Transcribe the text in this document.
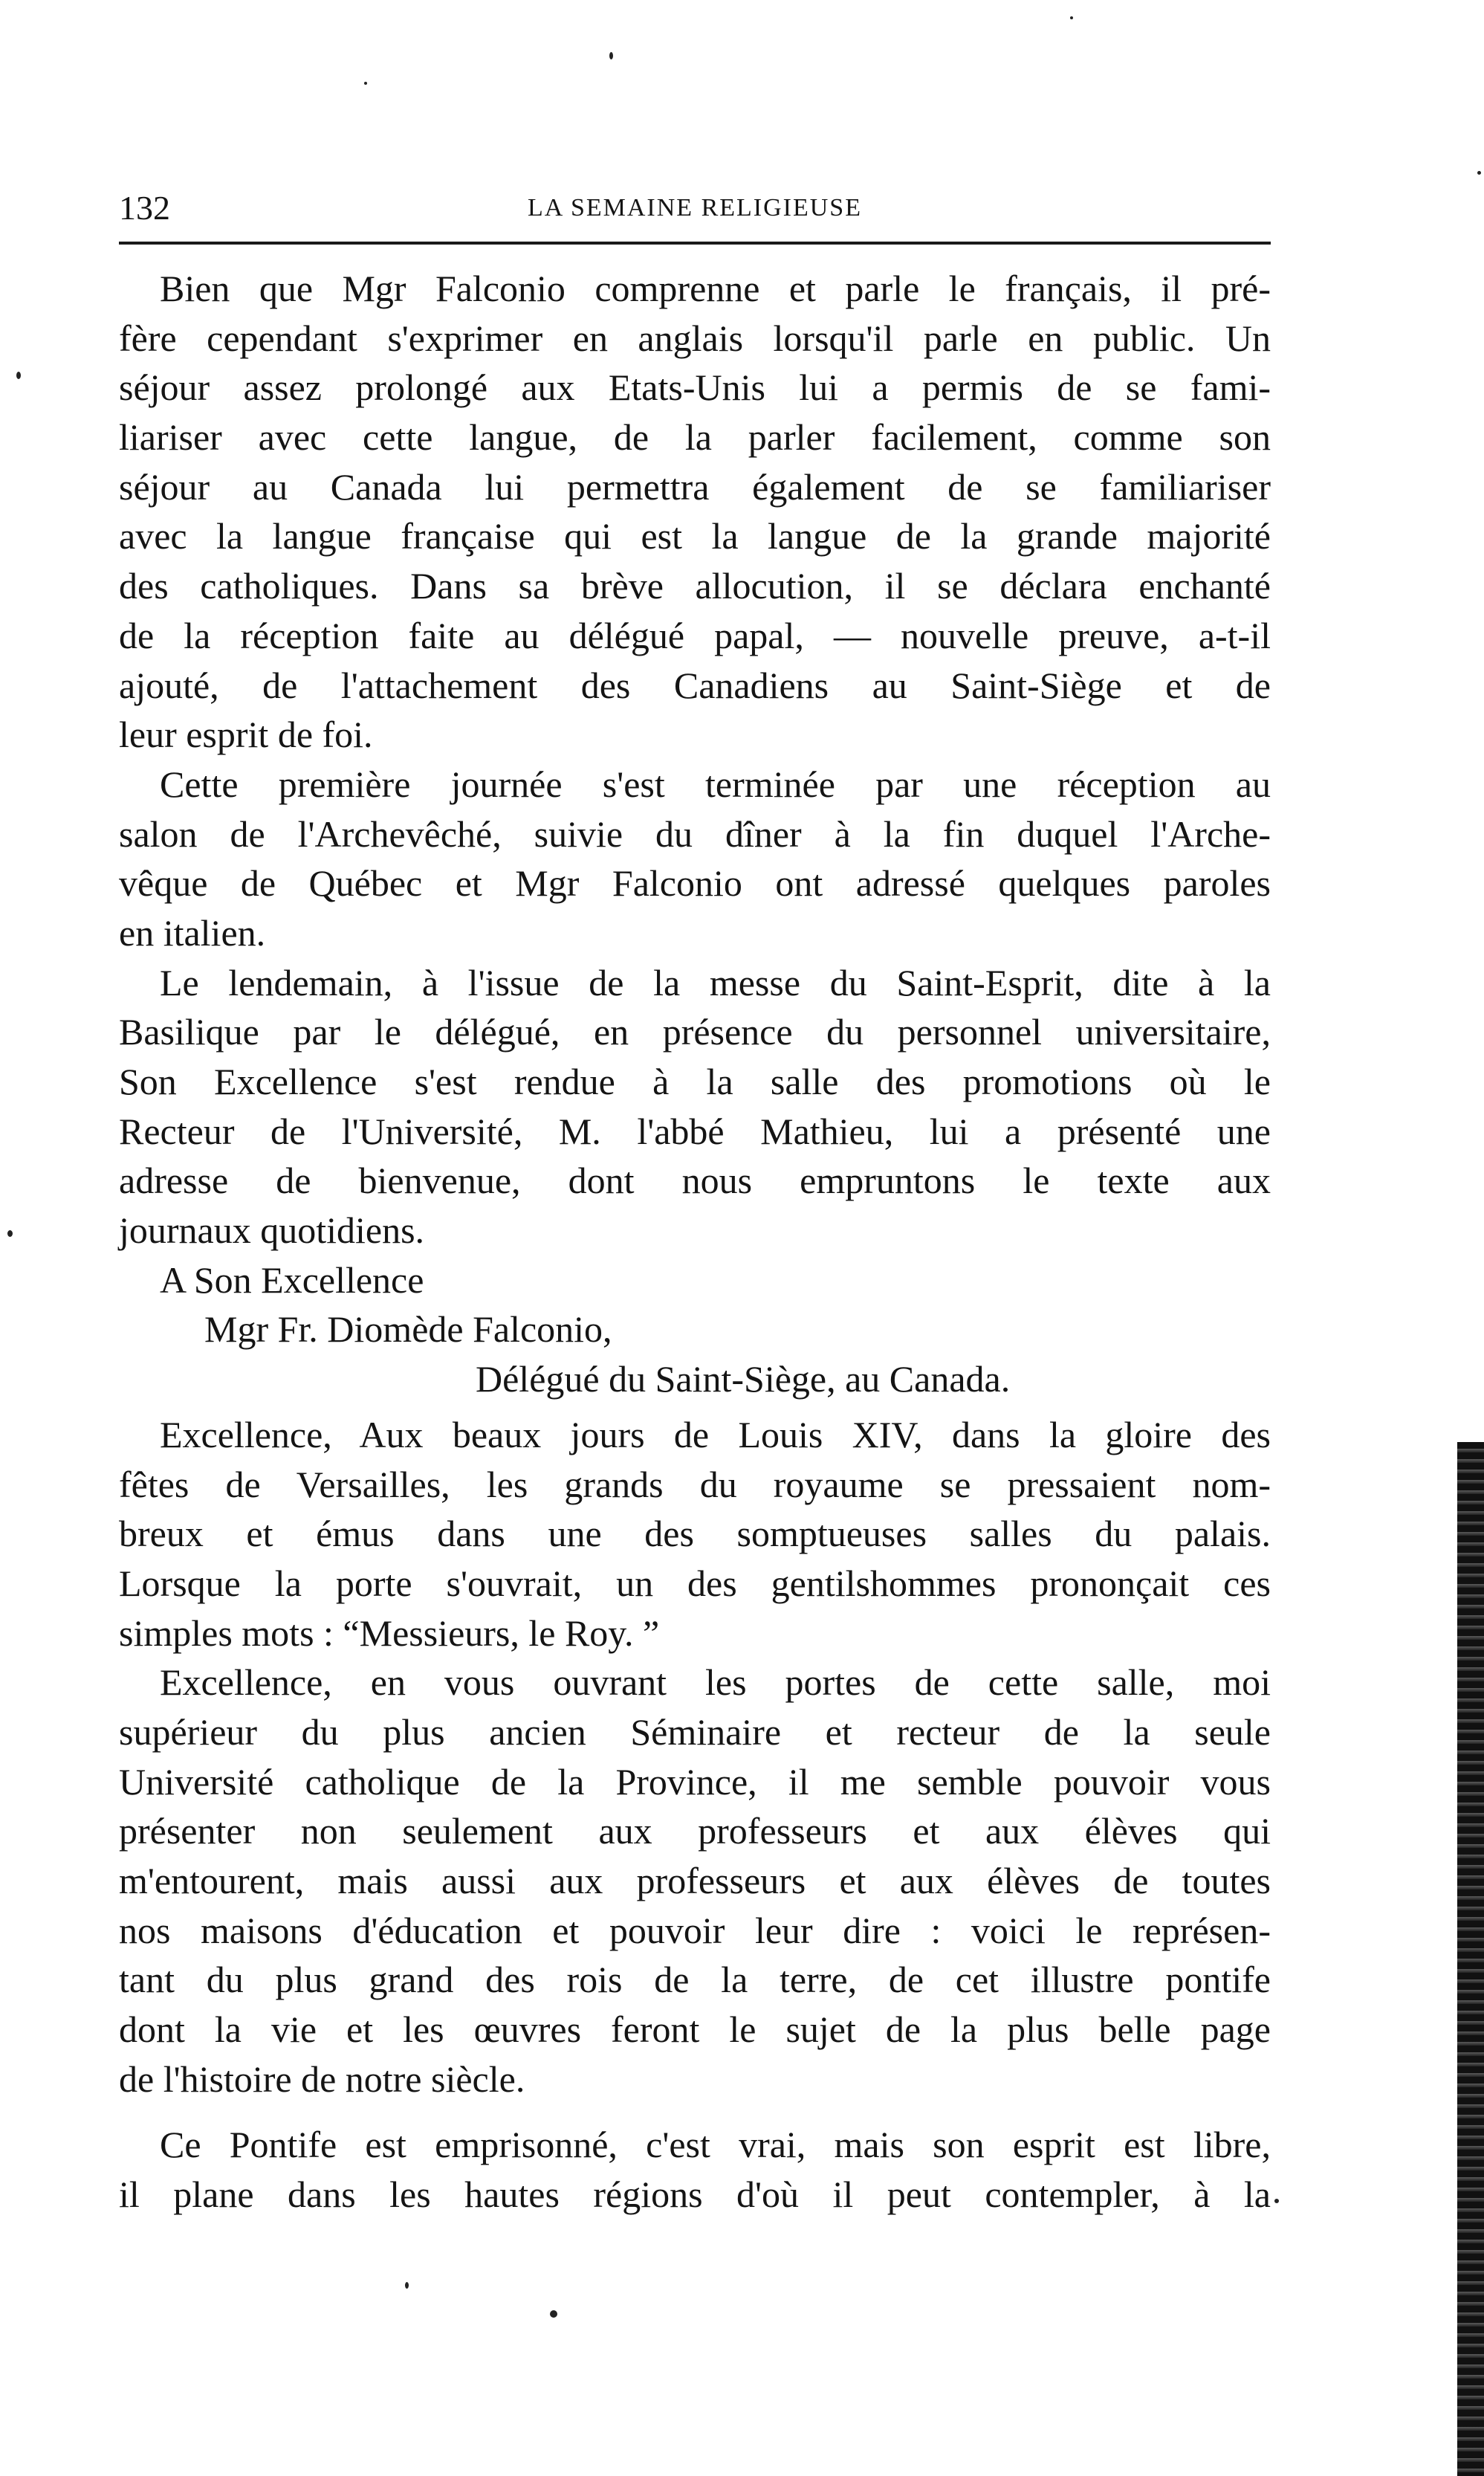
132	LA SEMAINE RELIGIEUSE
Bien que Mgr Falconio comprenne et parle le français, il pré-
fère cependant s'exprimer en anglais lorsqu'il parle en public. Un
séjour assez prolongé aux Etats-Unis lui a permis de se fami-
liariser avec cette langue, de la parler facilement, comme son
séjour au Canada lui permettra également de se familiariser
avec la langue française qui est la langue de la grande majorité
des catholiques. Dans sa brève allocution, il se déclara enchanté
de la réception faite au délégué papal, — nouvelle preuve, a-t-il
ajouté, de l'attachement des Canadiens au Saint-Siège et de
leur esprit de foi.
Cette première journée s'est terminée par une réception au
salon de l'Archevêché, suivie du dîner à la fin duquel l'Arche-
vêque de Québec et Mgr Falconio ont adressé quelques paroles
en italien.
Le lendemain, à l'issue de la messe du Saint-Esprit, dite à la
Basilique par le délégué, en présence du personnel universitaire,
Son Excellence s'est rendue à la salle des promotions où le
Recteur de l'Université, M. l'abbé Mathieu, lui a présenté une
adresse de bienvenue, dont nous empruntons le texte aux
journaux quotidiens.
A Son Excellence
Mgr Fr. Diomède Falconio,
Délégué du Saint-Siège, au Canada.
Excellence, Aux beaux jours de Louis XIV, dans la gloire des
fêtes de Versailles, les grands du royaume se pressaient nom-
breux et émus dans une des somptueuses salles du palais.
Lorsque la porte s'ouvrait, un des gentilshommes prononçait ces
simples mots : “Messieurs, le Roy. ”
Excellence, en vous ouvrant les portes de cette salle, moi
supérieur du plus ancien Séminaire et recteur de la seule
Université catholique de la Province, il me semble pouvoir vous
présenter non seulement aux professeurs et aux élèves qui
m'entourent, mais aussi aux professeurs et aux élèves de toutes
nos maisons d'éducation et pouvoir leur dire : voici le représen-
tant du plus grand des rois de la terre, de cet illustre pontife
dont la vie et les œuvres feront le sujet de la plus belle page
de l'histoire de notre siècle.
Ce Pontife est emprisonné, c'est vrai, mais son esprit est libre,
il plane dans les hautes régions d'où il peut contempler, à la
